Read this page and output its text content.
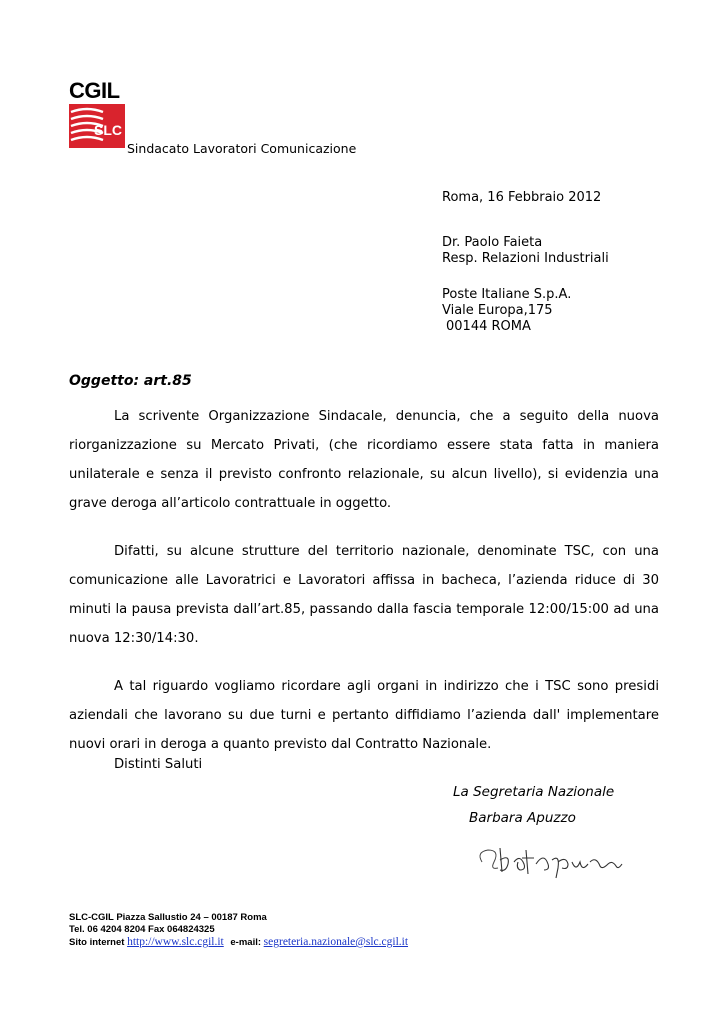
CGIL
SLC
Sindacato Lavoratori Comunicazione
Roma, 16 Febbraio 2012
Dr. Paolo Faieta
Resp. Relazioni Industriali
Poste Italiane S.p.A.
Viale Europa,175
00144 ROMA
Oggetto: art.85
La scrivente Organizzazione Sindacale, denuncia, che a seguito della nuova riorganizzazione su Mercato Privati, (che ricordiamo essere stata fatta in maniera unilaterale e senza il previsto confronto relazionale, su alcun livello), si evidenzia una grave deroga all’articolo contrattuale in oggetto.
Difatti, su alcune strutture del territorio nazionale, denominate TSC, con una comunicazione alle Lavoratrici e Lavoratori affissa in bacheca, l’azienda riduce di 30 minuti la pausa prevista dall’art.85, passando dalla fascia temporale 12:00/15:00 ad una nuova 12:30/14:30.
A tal riguardo vogliamo ricordare agli organi in indirizzo che i TSC sono presidi aziendali che lavorano su due turni e pertanto diffidiamo l’azienda dall' implementare nuovi orari in deroga a quanto previsto dal Contratto Nazionale.
Distinti Saluti
La Segretaria Nazionale
Barbara Apuzzo
SLC-CGIL Piazza Sallustio 24 – 00187 Roma
Tel. 06 4204 8204 Fax 064824325
Sito internet http://www.slc.cgil.it e-mail: segreteria.nazionale@slc.cgil.it
